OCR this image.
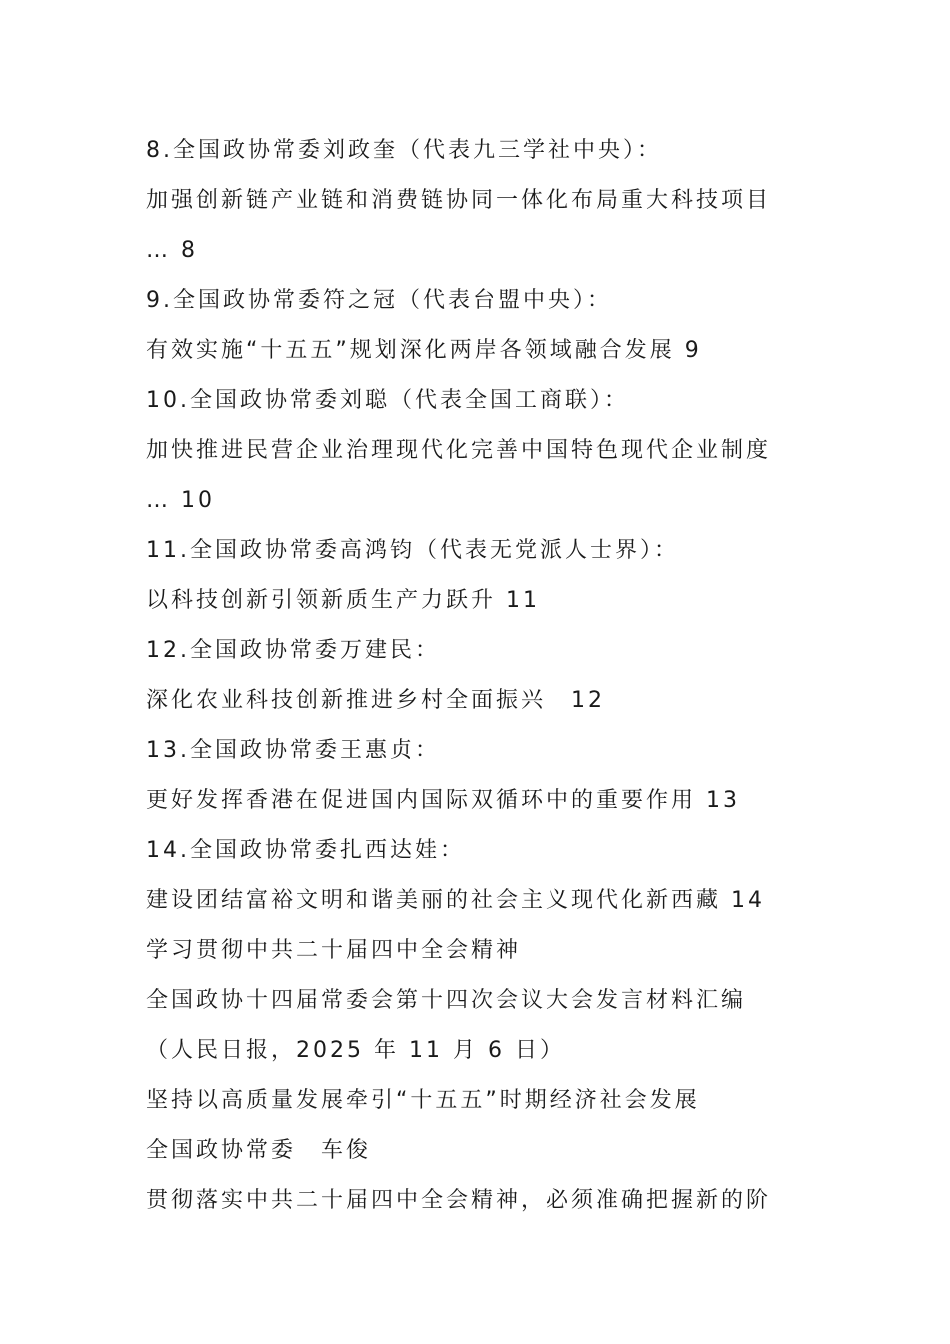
8.全国政协常委刘政奎（代表九三学社中央）：
加强创新链产业链和消费链协同一体化布局重大科技项目
… 8
9.全国政协常委符之冠（代表台盟中央）：
有效实施“十五五”规划深化两岸各领域融合发展 9
10.全国政协常委刘聪（代表全国工商联）：
加快推进民营企业治理现代化完善中国特色现代企业制度
… 10
11.全国政协常委高鸿钧（代表无党派人士界）：
以科技创新引领新质生产力跃升 11
12.全国政协常委万建民：
深化农业科技创新推进乡村全面振兴　12
13.全国政协常委王惠贞：
更好发挥香港在促进国内国际双循环中的重要作用 13
14.全国政协常委扎西达娃：
建设团结富裕文明和谐美丽的社会主义现代化新西藏 14
学习贯彻中共二十届四中全会精神
全国政协十四届常委会第十四次会议大会发言材料汇编
（人民日报，2025 年 11 月 6 日）
坚持以高质量发展牵引“十五五”时期经济社会发展
全国政协常委　车俊
贯彻落实中共二十届四中全会精神，必须准确把握新的阶
